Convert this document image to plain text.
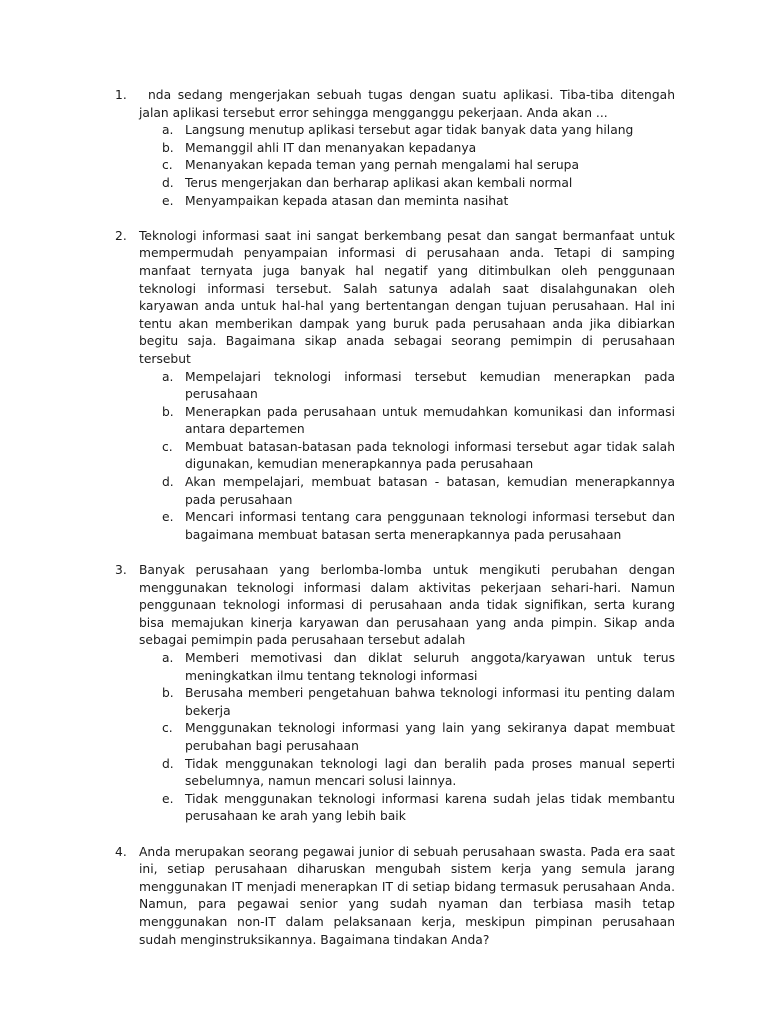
1.	nda sedang mengerjakan sebuah tugas dengan suatu aplikasi. Tiba-tiba ditengah jalan aplikasi tersebut error sehingga mengganggu pekerjaan. Anda akan ...
a. Langsung menutup aplikasi tersebut agar tidak banyak data yang hilang
b. Memanggil ahli IT dan menanyakan kepadanya
c. Menanyakan kepada teman yang pernah mengalami hal serupa
d. Terus mengerjakan dan berharap aplikasi akan kembali normal
e. Menyampaikan kepada atasan dan meminta nasihat
2. Teknologi informasi saat ini sangat berkembang pesat dan sangat bermanfaat untuk mempermudah penyampaian informasi di perusahaan anda. Tetapi di samping manfaat ternyata juga banyak hal negatif yang ditimbulkan oleh penggunaan teknologi informasi tersebut. Salah satunya adalah saat disalahgunakan oleh karyawan anda untuk hal-hal yang bertentangan dengan tujuan perusahaan. Hal ini tentu akan memberikan dampak yang buruk pada perusahaan anda jika dibiarkan begitu saja. Bagaimana sikap anada sebagai seorang pemimpin di perusahaan tersebut
a. Mempelajari teknologi informasi tersebut kemudian menerapkan pada perusahaan
b. Menerapkan pada perusahaan untuk memudahkan komunikasi dan informasi antara departemen
c. Membuat batasan-batasan pada teknologi informasi tersebut agar tidak salah digunakan, kemudian menerapkannya pada perusahaan
d. Akan mempelajari, membuat batasan - batasan, kemudian menerapkannya pada perusahaan
e. Mencari informasi tentang cara penggunaan teknologi informasi tersebut dan bagaimana membuat batasan serta menerapkannya pada perusahaan
3. Banyak perusahaan yang berlomba-lomba untuk mengikuti perubahan dengan menggunakan teknologi informasi dalam aktivitas pekerjaan sehari-hari. Namun penggunaan teknologi informasi di perusahaan anda tidak signifikan, serta kurang bisa memajukan kinerja karyawan dan perusahaan yang anda pimpin. Sikap anda sebagai pemimpin pada perusahaan tersebut adalah
a. Memberi memotivasi dan diklat seluruh anggota/karyawan untuk terus meningkatkan ilmu tentang teknologi informasi
b. Berusaha memberi pengetahuan bahwa teknologi informasi itu penting dalam bekerja
c. Menggunakan teknologi informasi yang lain yang sekiranya dapat membuat perubahan bagi perusahaan
d. Tidak menggunakan teknologi lagi dan beralih pada proses manual seperti sebelumnya, namun mencari solusi lainnya.
e. Tidak menggunakan teknologi informasi karena sudah jelas tidak membantu perusahaan ke arah yang lebih baik
4. Anda merupakan seorang pegawai junior di sebuah perusahaan swasta. Pada era saat ini, setiap perusahaan diharuskan mengubah sistem kerja yang semula jarang menggunakan IT menjadi menerapkan IT di setiap bidang termasuk perusahaan Anda. Namun, para pegawai senior yang sudah nyaman dan terbiasa masih tetap menggunakan non-IT dalam pelaksanaan kerja, meskipun pimpinan perusahaan sudah menginstruksikannya. Bagaimana tindakan Anda?
